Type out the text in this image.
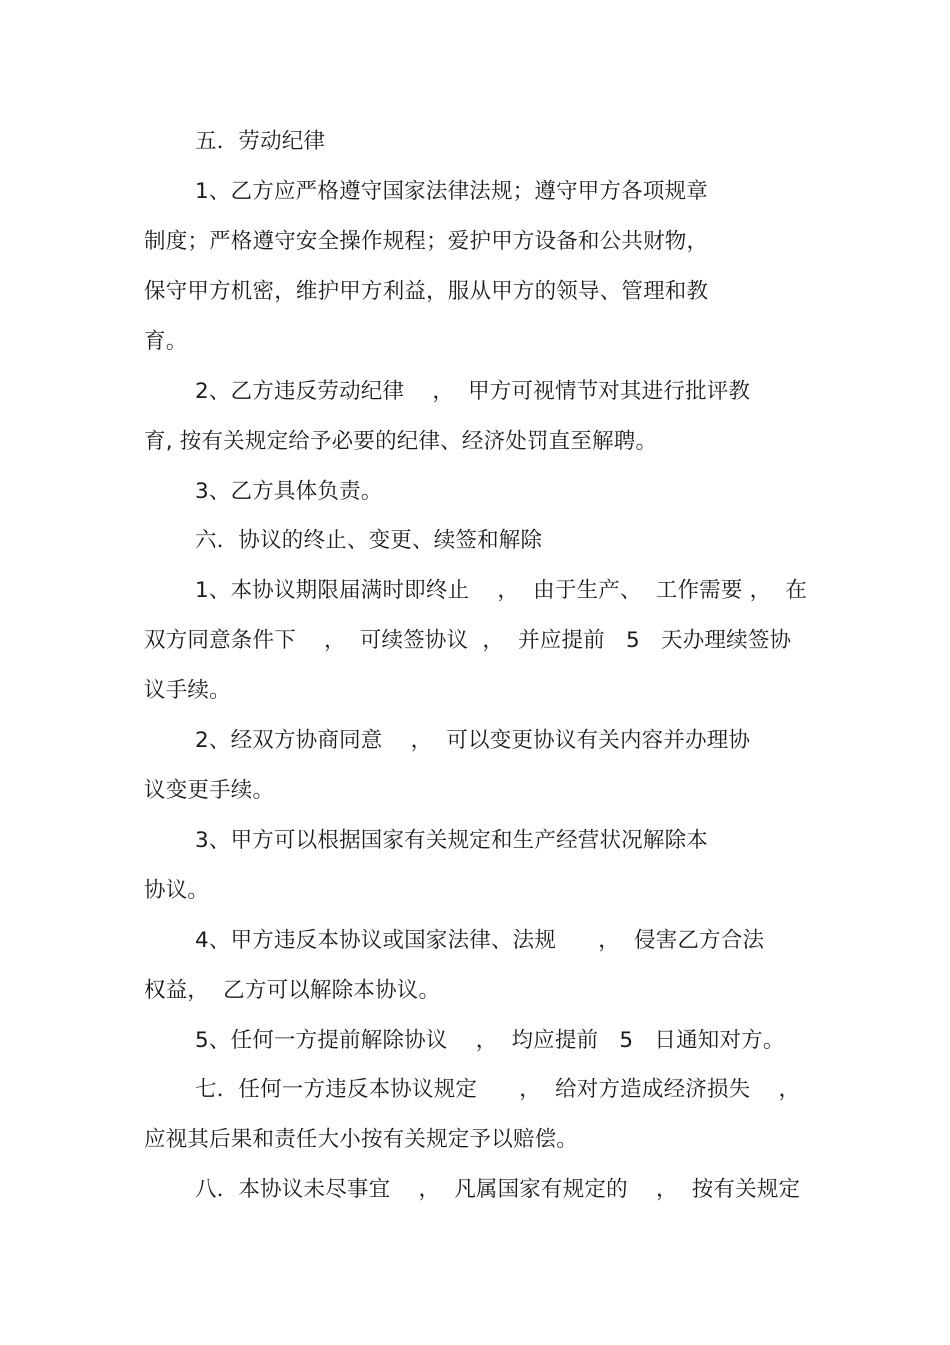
五．劳动纪律
1、乙方应严格遵守国家法律法规；遵守甲方各项规章
制度；严格遵守安全操作规程；爱护甲方设备和公共财物，
保守甲方机密，维护甲方利益，服从甲方的领导、管理和教
育。
2、乙方违反劳动纪律    ，  甲方可视情节对其进行批评教
育, 按有关规定给予必要的纪律、经济处罚直至解聘。
3、乙方具体负责。
六．协议的终止、变更、续签和解除
1、本协议期限届满时即终止    ，  由于生产、  工作需要 ，  在
双方同意条件下    ，  可续签协议  ，  并应提前   5   天办理续签协
议手续。
2、经双方协商同意    ，  可以变更协议有关内容并办理协
议变更手续。
3、甲方可以根据国家有关规定和生产经营状况解除本
协议。
4、甲方违反本协议或国家法律、法规      ，  侵害乙方合法
权益，  乙方可以解除本协议。
5、任何一方提前解除协议    ，  均应提前   5   日通知对方。
七．任何一方违反本协议规定      ，  给对方造成经济损失    ，
应视其后果和责任大小按有关规定予以赔偿。
八．本协议未尽事宜    ，  凡属国家有规定的    ，  按有关规定
